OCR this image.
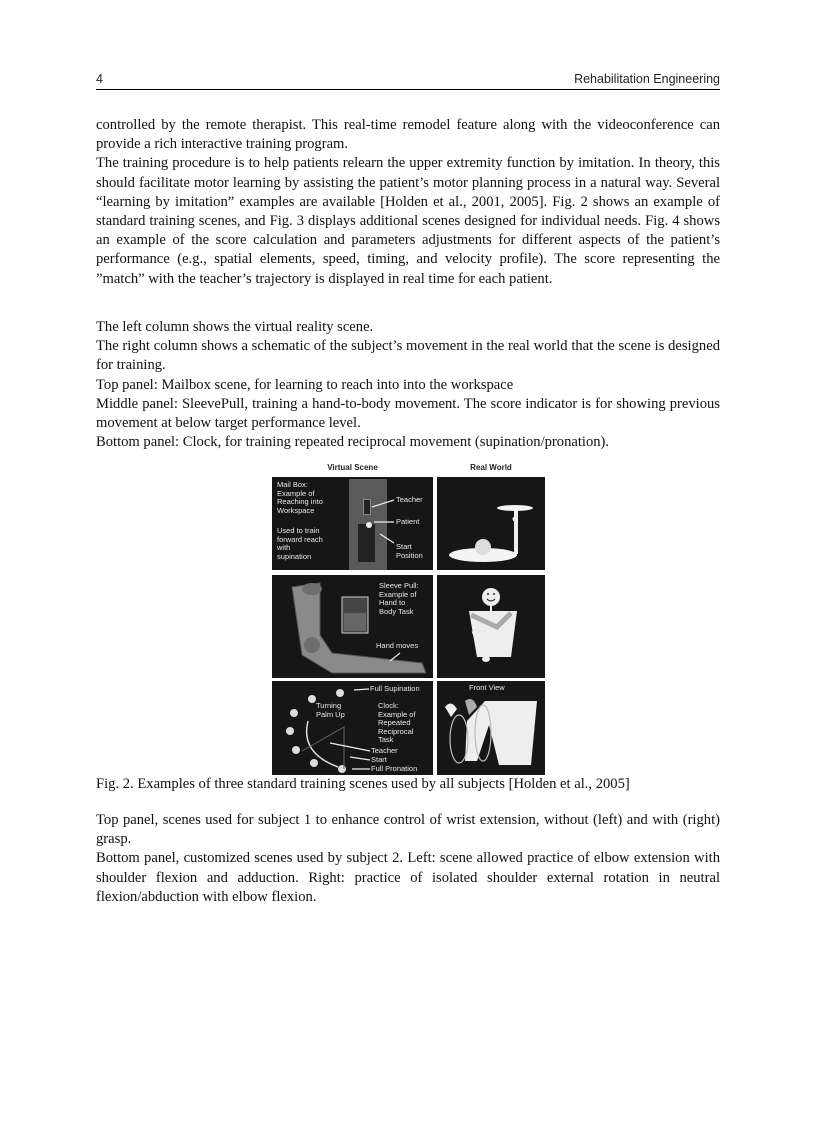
4	Rehabilitation Engineering

controlled by the remote therapist. This real-time remodel feature along with the videoconference can provide a rich interactive training program.

The training procedure is to help patients relearn the upper extremity function by imitation. In theory, this should facilitate motor learning by assisting the patient’s motor planning process in a natural way. Several “learning by imitation” examples are available [Holden et al., 2001, 2005]. Fig. 2 shows an example of standard training scenes, and Fig. 3 displays additional scenes designed for individual needs. Fig. 4 shows an example of the score calculation and parameters adjustments for different aspects of the patient’s performance (e.g., spatial elements, speed, timing, and velocity profile). The score representing the ”match” with the teacher’s trajectory is displayed in real time for each patient.

The left column shows the virtual reality scene.

The right column shows a schematic of the subject’s movement in the real world that the scene is designed for training.

Top panel: Mailbox scene, for learning to reach into into the workspace

Middle panel: SleevePull, training a hand-to-body movement. The score indicator is for showing previous movement at below target performance level.

Bottom panel: Clock, for training repeated reciprocal movement (supination/pronation).

Virtual Scene	Real World
Mail Box:
Example of
Reaching into
Workspace
Used to train
forward reach
with
supination
Teacher
Patient
Start
Position
Sleeve Pull:
Example of
Hand to
Body Task
Hand moves
Full Supination
Turning
Palm Up
Clock:
Example of
Repeated
Reciprocal
Task
Teacher
Start
Full Pronation
Front View
Fig. 2. Examples of three standard training scenes used by all subjects [Holden et al., 2005]

Top panel, scenes used for subject 1 to enhance control of wrist extension, without (left) and with (right) grasp.

Bottom panel, customized scenes used by subject 2. Left: scene allowed practice of elbow extension with shoulder flexion and adduction. Right: practice of isolated shoulder external rotation in neutral flexion/abduction with elbow flexion.
